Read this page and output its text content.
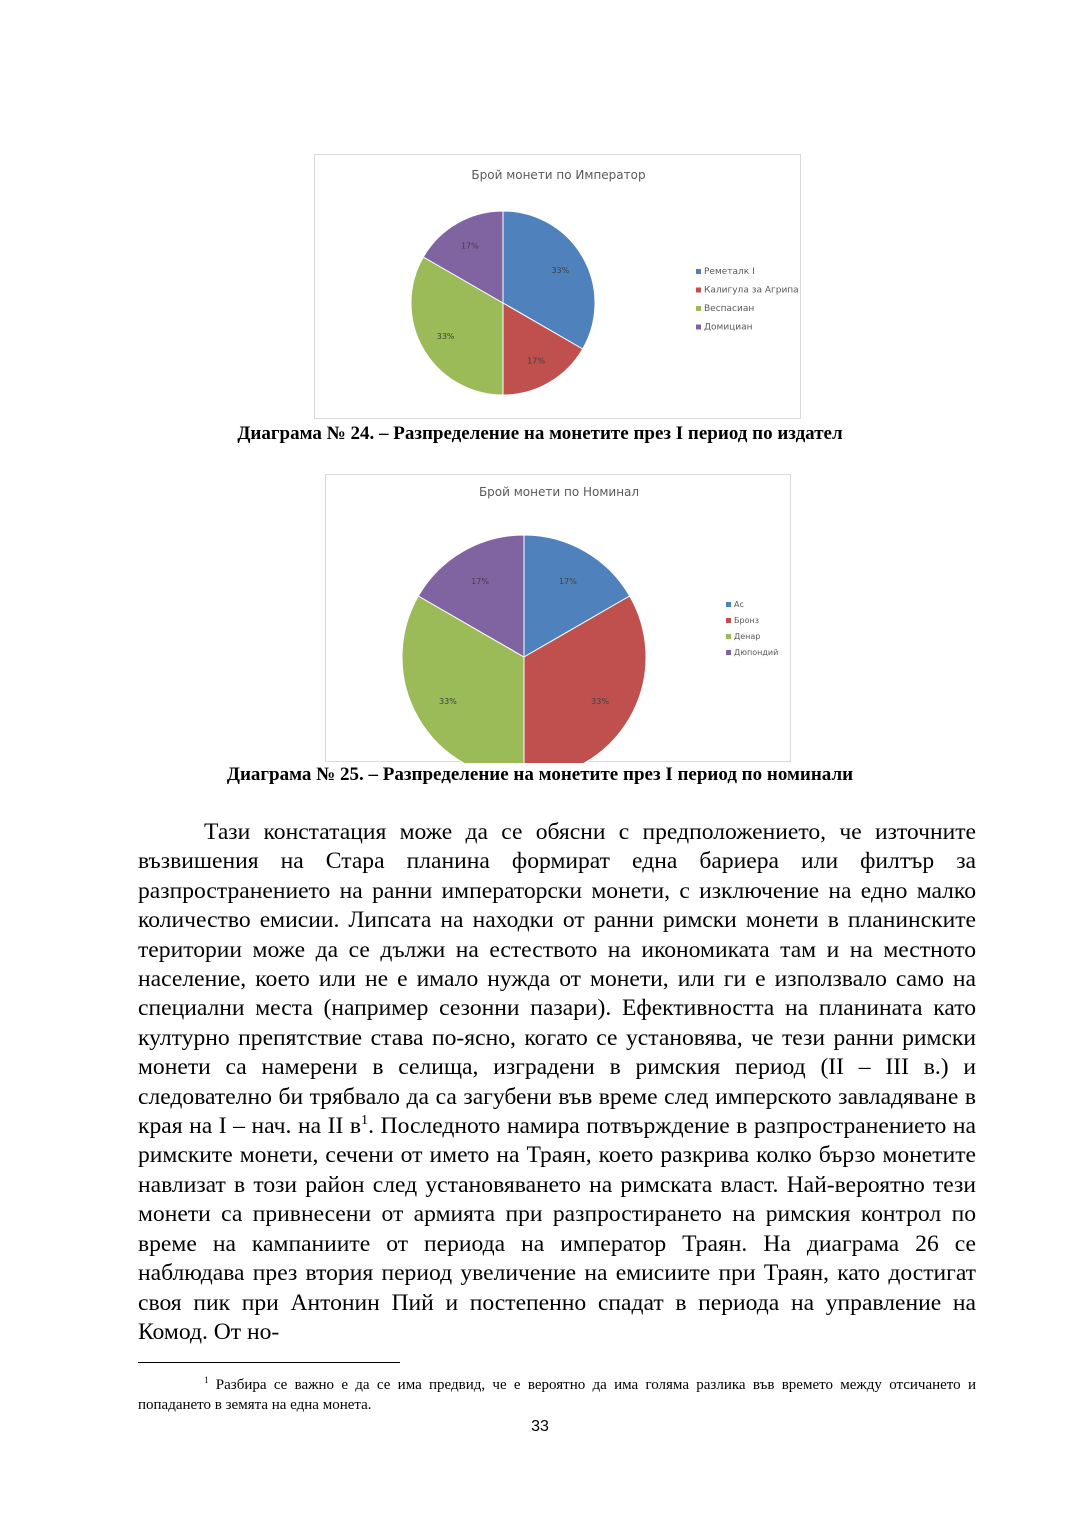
Брой монети по Император
33%
17%
33%
17%
Реметалк I
Калигула за Агрипа
Веспасиан
Домициан
Диаграма № 24. – Разпределение на монетите през I период по издател
Брой монети по Номинал
17%
33%
33%
17%
Ас
Бронз
Денар
Дюпондий
Диаграма № 25. – Разпределение на монетите през I период по номинали

Тази констатация може да се обясни с предположението, че източните възвишения на Стара планина формират една бариера или филтър за разпространението на ранни императорски монети, с изключение на едно малко количество емисии. Липсата на находки от ранни римски монети в планинските територии може да се дължи на естеството на икономиката там и на местното население, което или не е имало нужда от монети, или ги е използвало само на специални места (например сезонни пазари). Ефективността на планината като културно препятствие става по-ясно, когато се установява, че тези ранни римски монети са намерени в селища, изградени в римския период (II – III в.) и следователно би трябвало да са загубени във време след имперското завладяване в края на I – нач. на II $в^1$. Последното намира потвърждение в разпространението на римските монети, сечени от името на Траян, което разкрива колко бързо монетите навлизат в този район след установяването на римската власт. Най-вероятно тези монети са привнесени от армията при разпростирането на римския контрол по време на кампаниите от периода на император Траян. На диаграма 26 се наблюдава през втория период увеличение на емисиите при Траян, като достигат своя пик при Антонин Пий и постепенно спадат в периода на управление на Комод. От но-

$^1$ Разбира се важно е да се има предвид, че е вероятно да има голяма разлика във времето между отсичането и попадането в земята на една монета.

33
